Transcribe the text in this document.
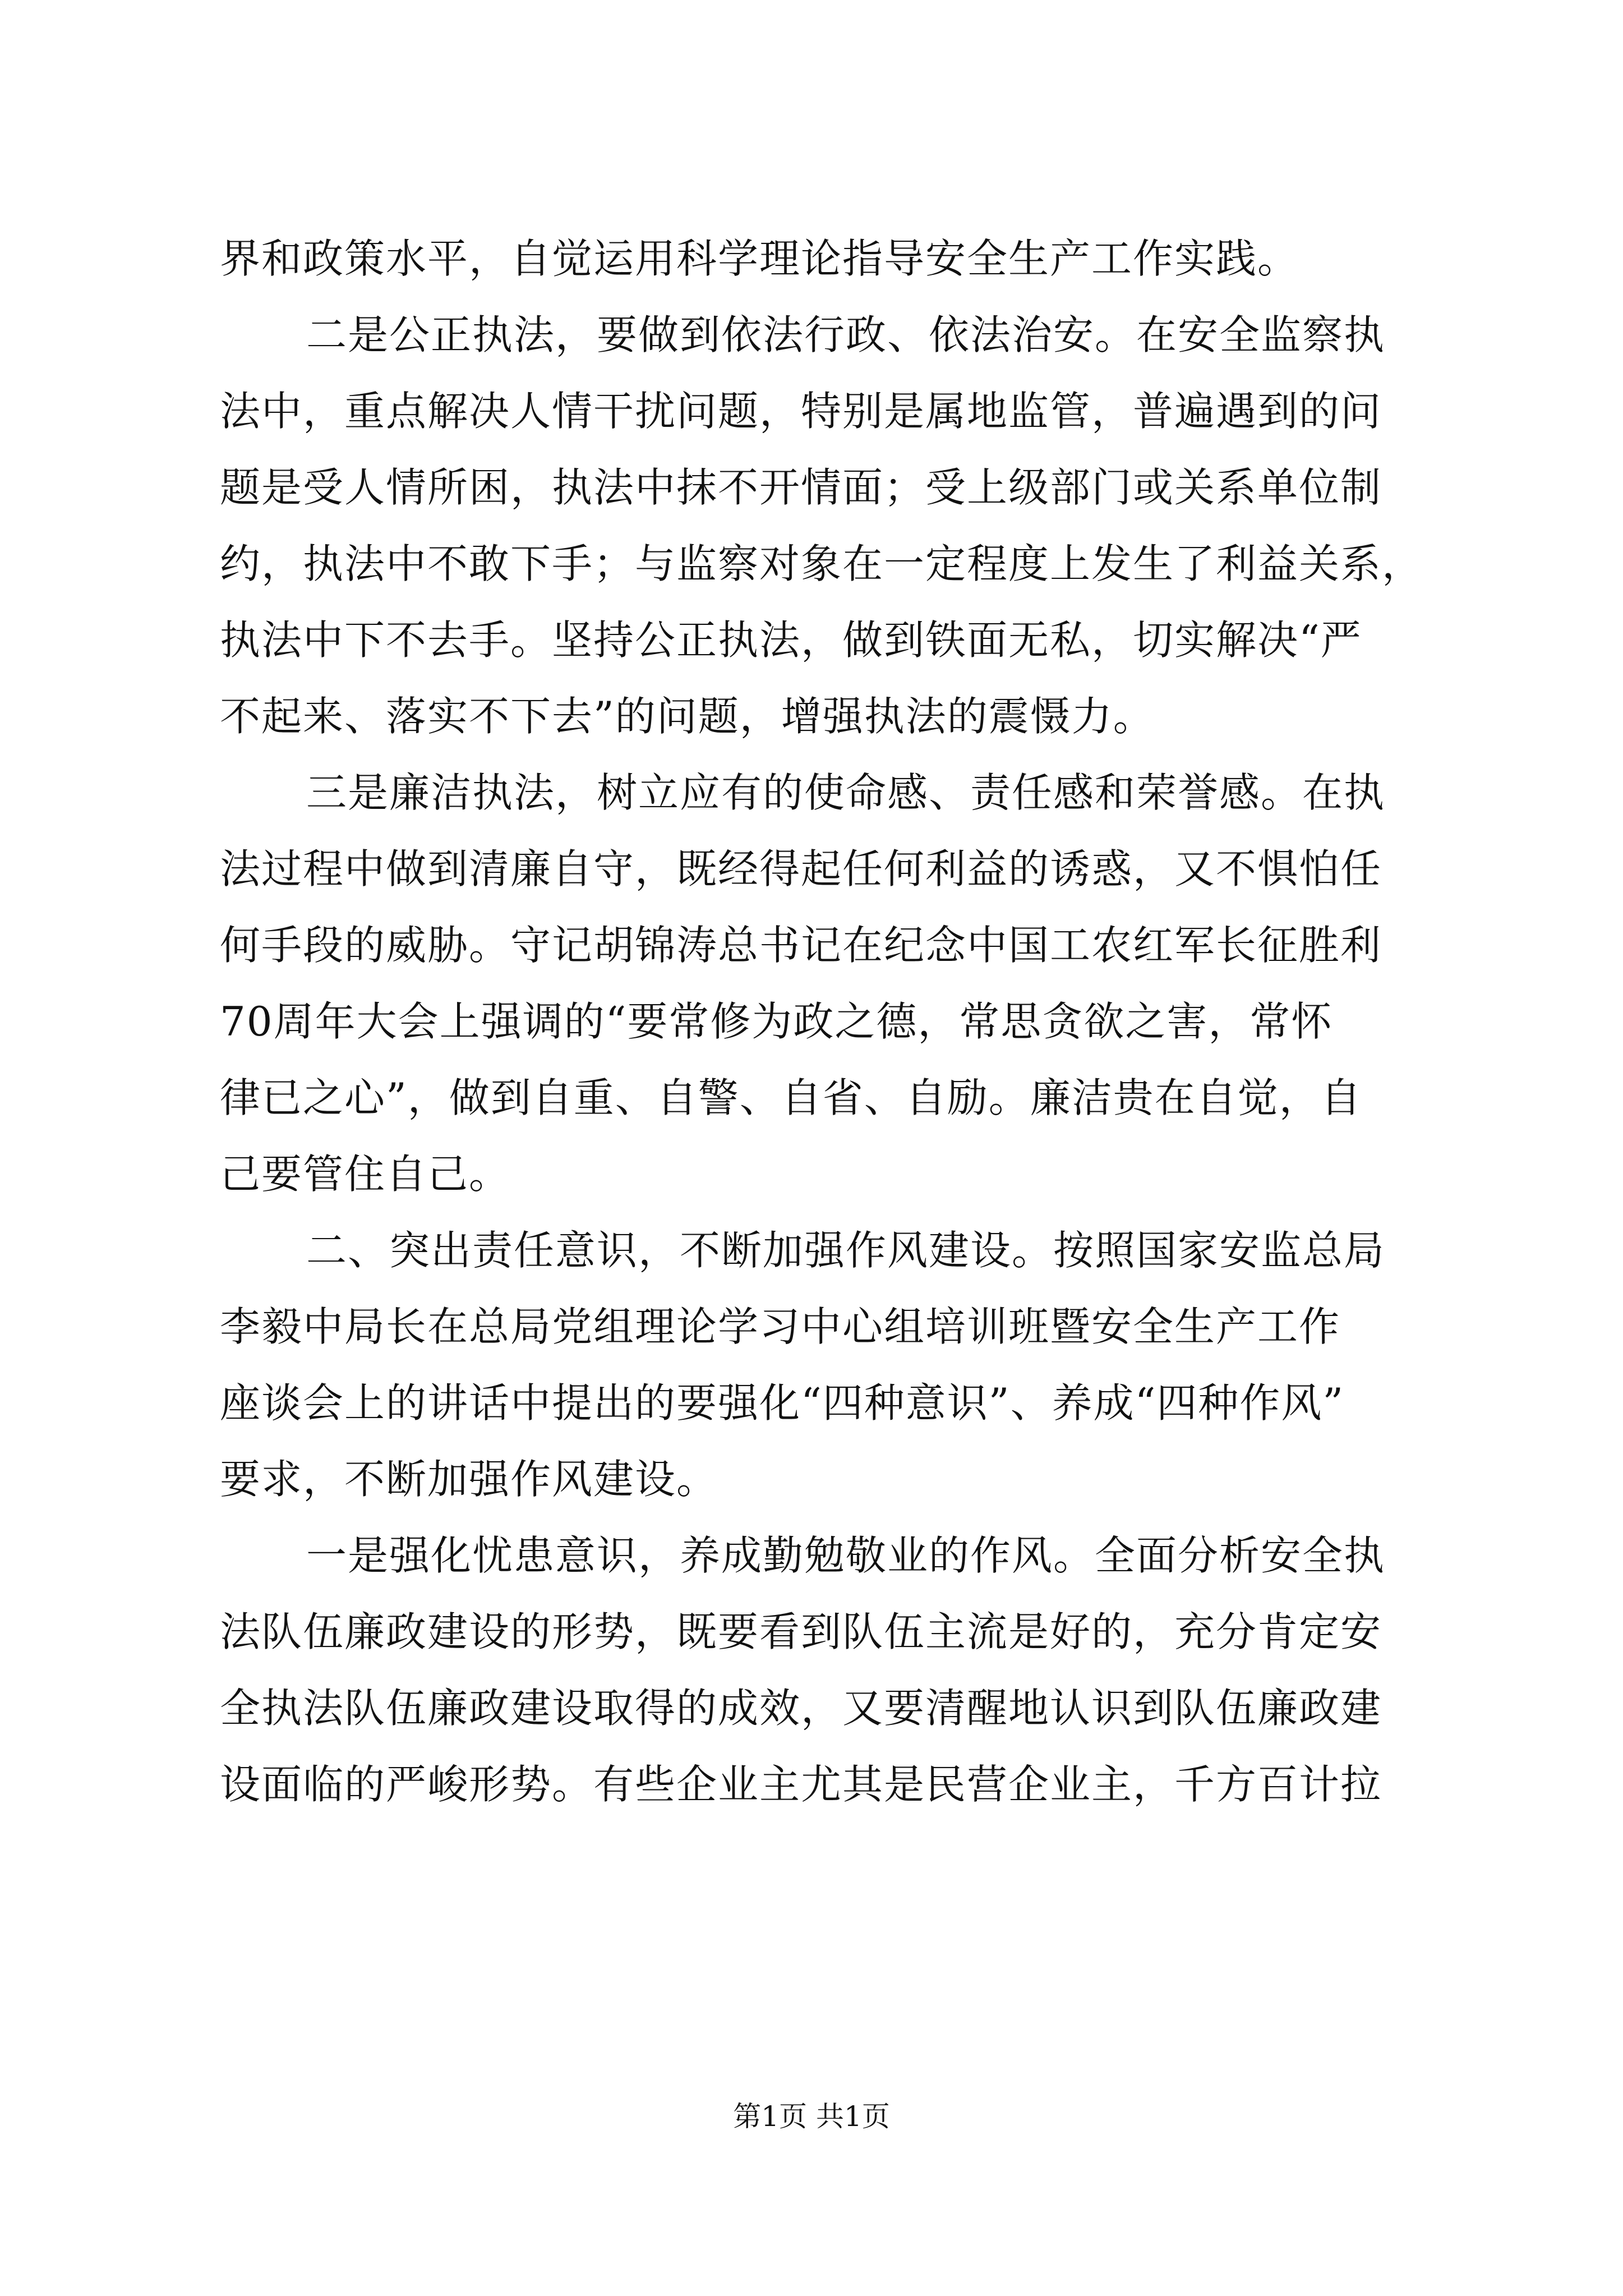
界和政策水平，自觉运用科学理论指导安全生产工作实践。
二是公正执法，要做到依法行政、依法治安。在安全监察执
法中，重点解决人情干扰问题，特别是属地监管，普遍遇到的问
题是受人情所困，执法中抹不开情面；受上级部门或关系单位制
约，执法中不敢下手；与监察对象在一定程度上发生了利益关系，
执法中下不去手。坚持公正执法，做到铁面无私，切实解决“严
不起来、落实不下去”的问题，增强执法的震慑力。
三是廉洁执法，树立应有的使命感、责任感和荣誉感。在执
法过程中做到清廉自守，既经得起任何利益的诱惑，又不惧怕任
何手段的威胁。守记胡锦涛总书记在纪念中国工农红军长征胜利
70周年大会上强调的“要常修为政之德，常思贪欲之害，常怀
律已之心”，做到自重、自警、自省、自励。廉洁贵在自觉，自
己要管住自己。
二、突出责任意识，不断加强作风建设。按照国家安监总局
李毅中局长在总局党组理论学习中心组培训班暨安全生产工作
座谈会上的讲话中提出的要强化“四种意识”、养成“四种作风”
要求，不断加强作风建设。
一是强化忧患意识，养成勤勉敬业的作风。全面分析安全执
法队伍廉政建设的形势，既要看到队伍主流是好的，充分肯定安
全执法队伍廉政建设取得的成效，又要清醒地认识到队伍廉政建
设面临的严峻形势。有些企业主尤其是民营企业主，千方百计拉
第1页 共1页
